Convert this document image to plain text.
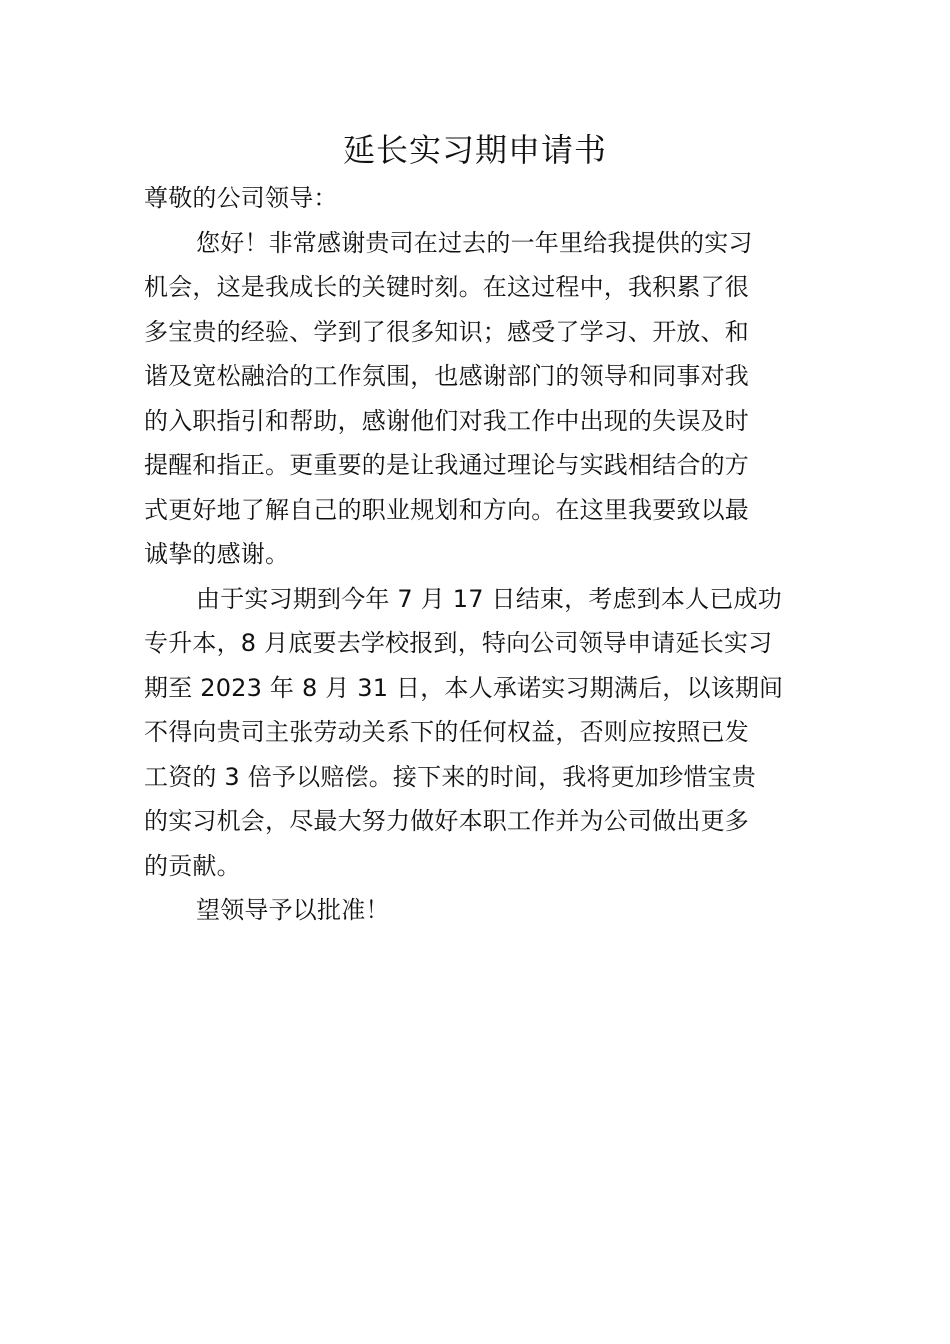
延长实习期申请书

尊敬的公司领导：

您好！非常感谢贵司在过去的一年里给我提供的实习
机会，这是我成长的关键时刻。在这过程中，我积累了很
多宝贵的经验、学到了很多知识；感受了学习、开放、和
谐及宽松融洽的工作氛围，也感谢部门的领导和同事对我
的入职指引和帮助，感谢他们对我工作中出现的失误及时
提醒和指正。更重要的是让我通过理论与实践相结合的方
式更好地了解自己的职业规划和方向。在这里我要致以最
诚挚的感谢。

由于实习期到今年 7 月 17 日结束，考虑到本人已成功
专升本，8 月底要去学校报到，特向公司领导申请延长实习
期至 2023 年 8 月 31 日，本人承诺实习期满后，以该期间
不得向贵司主张劳动关系下的任何权益，否则应按照已发
工资的 3 倍予以赔偿。接下来的时间，我将更加珍惜宝贵
的实习机会，尽最大努力做好本职工作并为公司做出更多
的贡献。

望领导予以批准！
